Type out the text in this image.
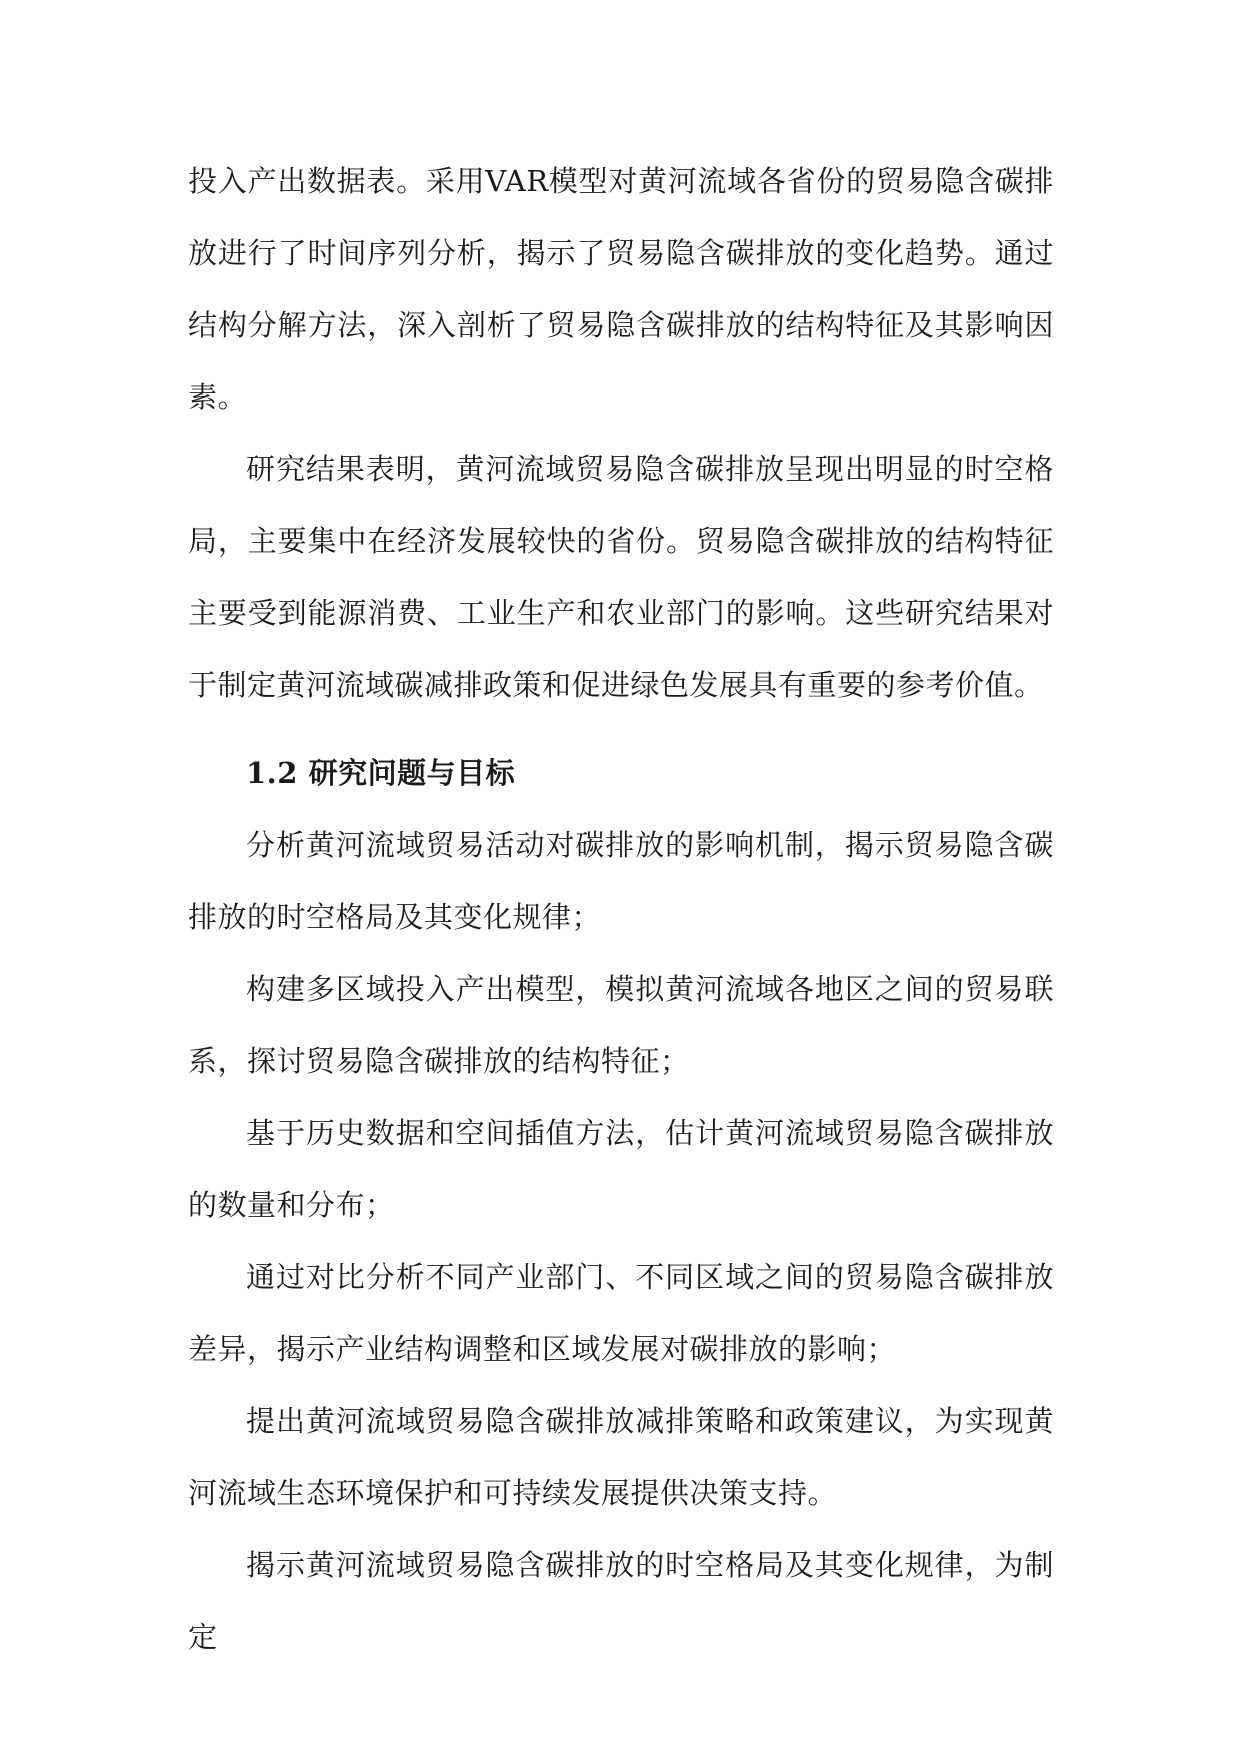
投入产出数据表。采用VAR模型对黄河流域各省份的贸易隐含碳排放进行了时间序列分析，揭示了贸易隐含碳排放的变化趋势。通过结构分解方法，深入剖析了贸易隐含碳排放的结构特征及其影响因素。

研究结果表明，黄河流域贸易隐含碳排放呈现出明显的时空格局，主要集中在经济发展较快的省份。贸易隐含碳排放的结构特征主要受到能源消费、工业生产和农业部门的影响。这些研究结果对于制定黄河流域碳减排政策和促进绿色发展具有重要的参考价值。

1.2 研究问题与目标

分析黄河流域贸易活动对碳排放的影响机制，揭示贸易隐含碳排放的时空格局及其变化规律；

构建多区域投入产出模型，模拟黄河流域各地区之间的贸易联系，探讨贸易隐含碳排放的结构特征；

基于历史数据和空间插值方法，估计黄河流域贸易隐含碳排放的数量和分布；

通过对比分析不同产业部门、不同区域之间的贸易隐含碳排放差异，揭示产业结构调整和区域发展对碳排放的影响；

提出黄河流域贸易隐含碳排放减排策略和政策建议，为实现黄河流域生态环境保护和可持续发展提供决策支持。

揭示黄河流域贸易隐含碳排放的时空格局及其变化规律，为制定
